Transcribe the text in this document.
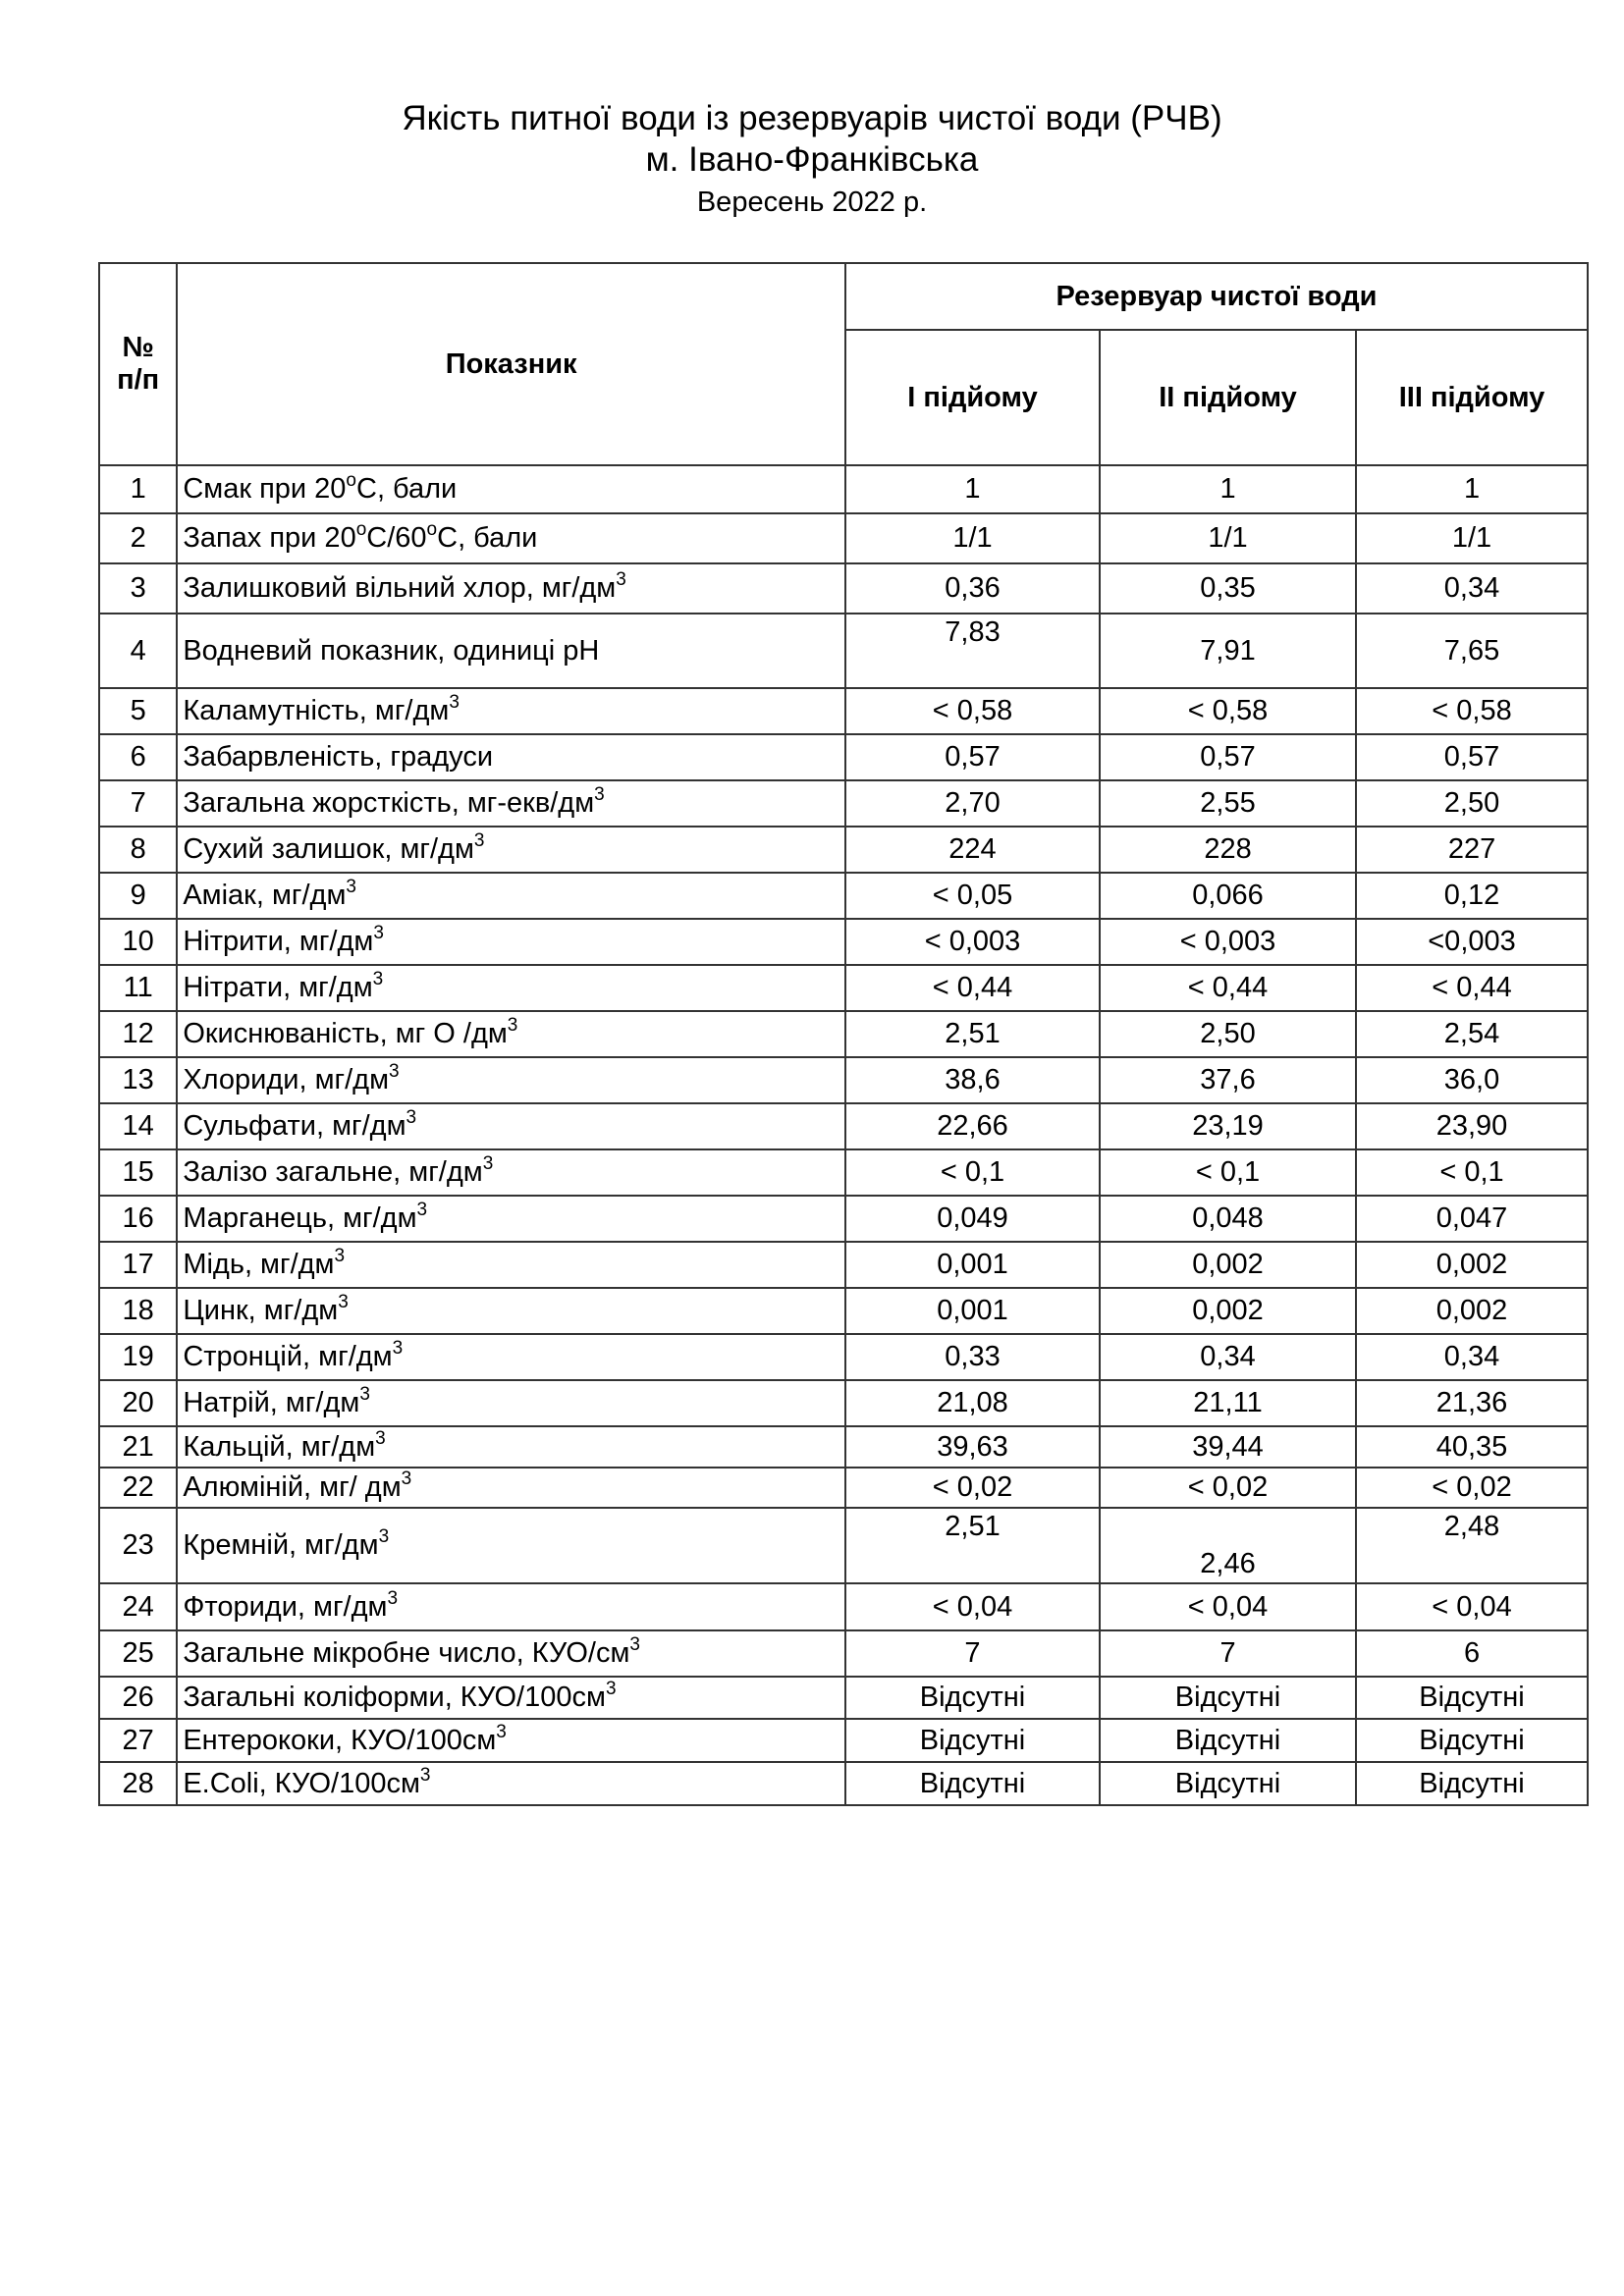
Якість питної води із резервуарів чистої води (РЧВ)
м. Івано-Франківська
Вересень 2022 р.
№
п/п	Показник	Резервуар чистої води		
		І підйому	ІІ підйому	ІІІ підйому
1	Смак при 20$^o$С, бали	1	1	1
2	Запах при 20$^o$С/60$^o$С, бали	1/1	1/1	1/1
3	Залишковий вільний хлор, $мг/дм^3$	0,36	0,35	0,34
4	Водневий показник, одиниці pH	7,83	7,91	7,65
5	Каламутність, $мг/дм^3$	< 0,58	< 0,58	< 0,58
6	Забарвленість, градуси	0,57	0,57	0,57
7	Загальна жорсткість, $мг-екв/дм^3$	2,70	2,55	2,50
8	Сухий залишок, $мг/дм^3$	224	228	227
9	Аміак, $мг/дм^3$	< 0,05	0,066	0,12
10	Нітрити, $мг/дм^3$	< 0,003	< 0,003	<0,003
11	Нітрати, $мг/дм^3$	< 0,44	< 0,44	< 0,44
12	Окиснюваність, мг О $/дм^3$	2,51	2,50	2,54
13	Хлориди, $мг/дм^3$	38,6	37,6	36,0
14	Сульфати, $мг/дм^3$	22,66	23,19	23,90
15	Залізо загальне, $мг/дм^3$	< 0,1	< 0,1	< 0,1
16	Марганець, $мг/дм^3$	0,049	0,048	0,047
17	Мідь, $мг/дм^3$	0,001	0,002	0,002
18	Цинк, $мг/дм^3$	0,001	0,002	0,002
19	Стронцій, $мг/дм^3$	0,33	0,34	0,34
20	Натрій, $мг/дм^3$	21,08	21,11	21,36
21	Кальцій, $мг/дм^3$	39,63	39,44	40,35
22	Алюміній, мг/ $дм^3$	< 0,02	< 0,02	< 0,02
23	Кремній, $мг/дм^3$	2,51	2,46	2,48
24	Фториди, $мг/дм^3$	< 0,04	< 0,04	< 0,04
25	Загальне мікробне число, КУО/$см^3$	7	7	6
26	Загальні коліформи, КУО/$100см^3$	Відсутні	Відсутні	Відсутні
27	Ентерококи, КУО/$100см^3$	Відсутні	Відсутні	Відсутні
28	E.Coli, КУО/$100см^3$	Відсутні	Відсутні	Відсутні
